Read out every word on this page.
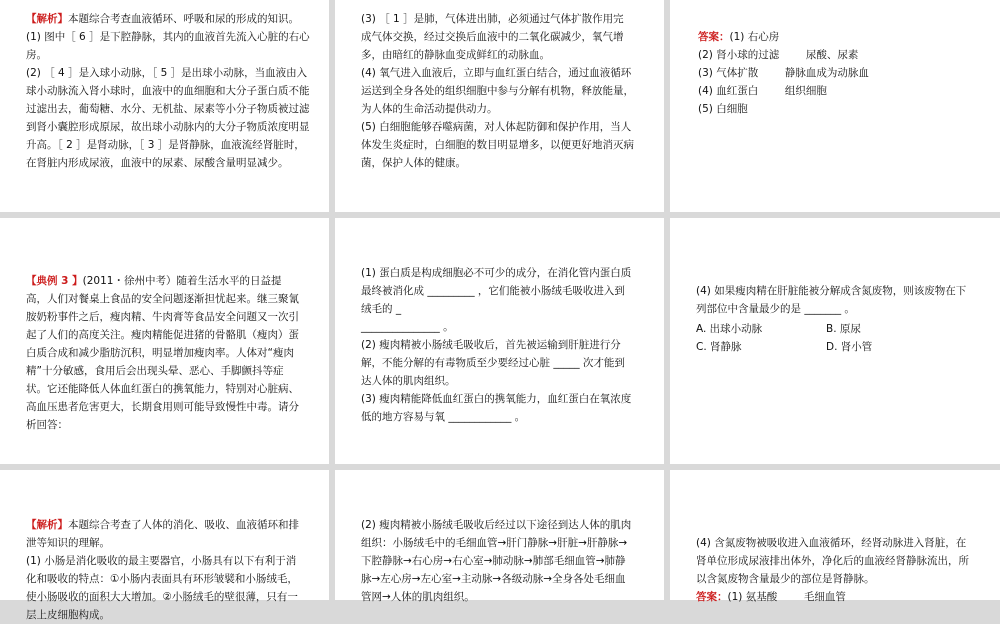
【解析】本题综合考查血液循环、呼吸和尿的形成的知识。

(1) 图中［ 6 ］是下腔静脉，其内的血液首先流入心脏的右心房。

(2) ［ 4 ］是入球小动脉，［ 5 ］是出球小动脉，当血液由入球小动脉流入肾小球时，血液中的血细胞和大分子蛋白质不能过滤出去，葡萄糖、水分、无机盐、尿素等小分子物质被过滤到肾小囊腔形成原尿，故出球小动脉内的大分子物质浓度明显升高。［ 2 ］是肾动脉，［ 3 ］是肾静脉，血液流经肾脏时，在肾脏内形成尿液，血液中的尿素、尿酸含量明显减少。

(3) ［ 1 ］是肺，气体进出肺，必须通过气体扩散作用完成气体交换，经过交换后血液中的二氧化碳减少，氧气增多，由暗红的静脉血变成鲜红的动脉血。

(4) 氧气进入血液后，立即与血红蛋白结合，通过血液循环运送到全身各处的组织细胞中参与分解有机物，释放能量，为人体的生命活动提供动力。

(5) 白细胞能够吞噬病菌，对人体起防御和保护作用，当人体发生炎症时，白细胞的数目明显增多，以便更好地消灭病菌，保护人体的健康。

答案：(1) 右心房

(2) 肾小球的过滤        尿酸、尿素

(3) 气体扩散        静脉血成为动脉血

(4) 血红蛋白        组织细胞

(5) 白细胞

【典例 3 】(2011・徐州中考）随着生活水平的日益提高，人们对餐桌上食品的安全问题逐渐担忧起来。继三聚氰胺奶粉事件之后，瘦肉精、牛肉膏等食品安全问题又一次引起了人们的高度关注。瘦肉精能促进猪的骨骼肌（瘦肉）蛋白质合成和减少脂肪沉积，明显增加瘦肉率。人体对“瘦肉精”十分敏感，食用后会出现头晕、恶心、手脚颤抖等症状。它还能降低人体血红蛋白的携氧能力，特别对心脏病、高血压患者危害更大，长期食用则可能导致慢性中毒。请分析回答：

(1) 蛋白质是构成细胞必不可少的成分，在消化管内蛋白质最终被消化成 _________ ，它们能被小肠绒毛吸收进入到绒毛的 _

_______________ 。

(2) 瘦肉精被小肠绒毛吸收后，首先被运输到肝脏进行分解，不能分解的有毒物质至少要经过心脏 _____ 次才能到达人体的肌肉组织。

(3) 瘦肉精能降低血红蛋白的携氧能力，血红蛋白在氧浓度低的地方容易与氧 ____________ 。

(4) 如果瘦肉精在肝脏能被分解成含氮废物，则该废物在下列部位中含量最少的是 _______ 。

A. 出球小动脉	B. 原尿

C. 肾静脉	D. 肾小管

【解析】本题综合考查了人体的消化、吸收、血液循环和排泄等知识的理解。

(1) 小肠是消化吸收的最主要器官，小肠具有以下有利于消化和吸收的特点：①小肠内表面具有环形皱襞和小肠绒毛，使小肠吸收的面积大大增加。②小肠绒毛的壁很薄，只有一层上皮细胞构成。

(2) 瘦肉精被小肠绒毛吸收后经过以下途径到达人体的肌肉组织：小肠绒毛中的毛细血管→肝门静脉→肝脏→肝静脉→下腔静脉→右心房→右心室→肺动脉→肺部毛细血管→肺静脉→左心房→左心室→主动脉→各级动脉→全身各处毛细血管网→人体的肌肉组织。

(4) 含氮废物被吸收进入血液循环，经肾动脉进入肾脏，在肾单位形成尿液排出体外，净化后的血液经肾静脉流出，所以含氮废物含量最少的部位是肾静脉。

答案：(1) 氨基酸        毛细血管
